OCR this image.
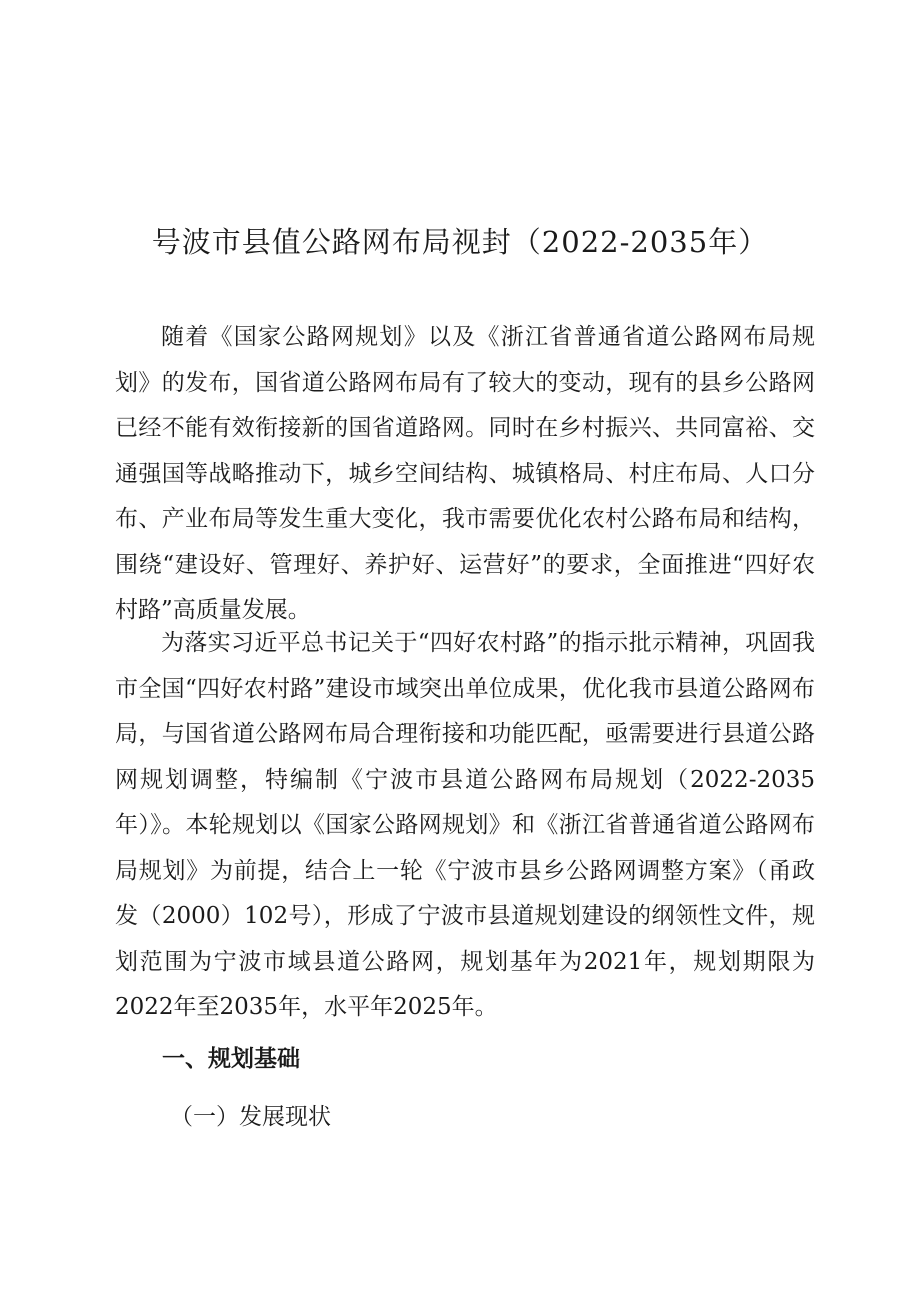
号波市县值公路网布局视封（2022-2035年）

随着《国家公路网规划》以及《浙江省普通省道公路网布局规划》的发布，国省道公路网布局有了较大的变动，现有的县乡公路网已经不能有效衔接新的国省道路网。同时在乡村振兴、共同富裕、交通强国等战略推动下，城乡空间结构、城镇格局、村庄布局、人口分布、产业布局等发生重大变化，我市需要优化农村公路布局和结构，围绕“建设好、管理好、养护好、运营好”的要求，全面推进“四好农村路”高质量发展。

为落实习近平总书记关于“四好农村路”的指示批示精神，巩固我市全国“四好农村路”建设市域突出单位成果，优化我市县道公路网布局，与国省道公路网布局合理衔接和功能匹配，亟需要进行县道公路网规划调整，特编制《宁波市县道公路网布局规划（2022-2035年）》。本轮规划以《国家公路网规划》和《浙江省普通省道公路网布局规划》为前提，结合上一轮《宁波市县乡公路网调整方案》（甬政发（2000）102号），形成了宁波市县道规划建设的纲领性文件，规划范围为宁波市域县道公路网，规划基年为2021年，规划期限为2022年至2035年，水平年2025年。

一、规划基础
（一）发展现状
